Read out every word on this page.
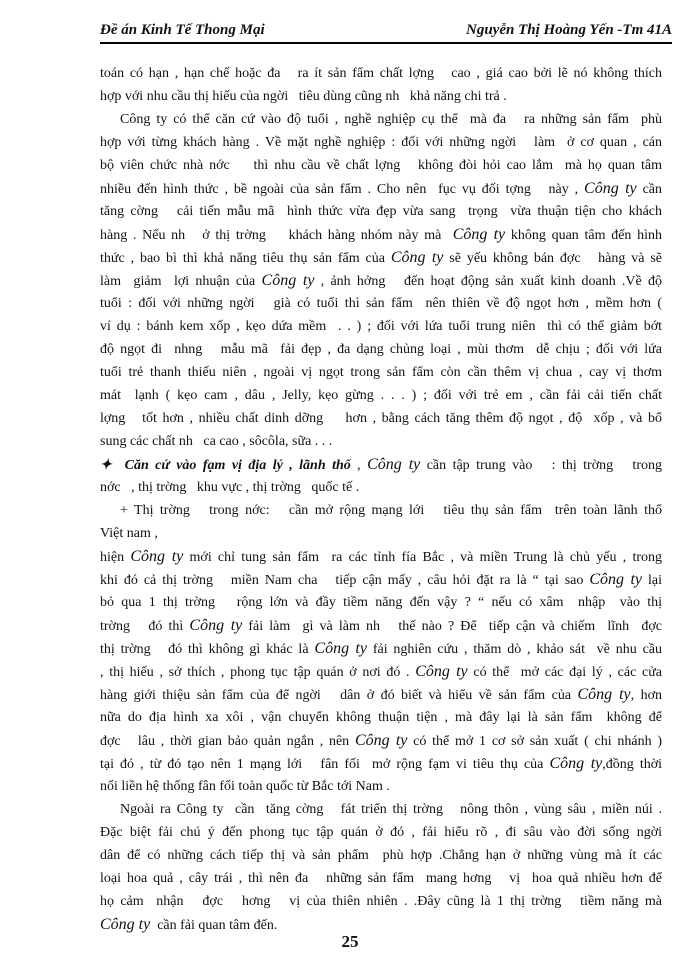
Đề án Kinh Tế Thong Mại	Nguyễn Thị Hoàng Yến -Tm 41A
toán có hạn , hạn chế hoặc đa   ra ít sản fẩm chất lợng   cao , giá cao bởi lẽ nó không thích
hợp với nhu cầu thị hiếu của ngời   tiêu dùng cũng nh   khả năng chi trả .
Công ty có thể căn cứ vào độ tuổi , nghề nghiệp cụ thể  mà đa   ra những sản fẩm  phù
hợp với từng khách hàng . Về mặt nghề nghiệp : đối với những ngời   làm  ở cơ quan , cán
bộ viên chức nhà nớc    thì nhu cầu về chất lợng   không đòi hỏi cao lắm  mà họ quan tâm
nhiều đến hình thức , bề ngoài của sản fẩm . Cho nên  fục vụ đối tợng   này , Công ty cần
tăng cờng   cải tiến mẫu mã  hình thức vừa đẹp vừa sang  trọng  vừa thuận tiện cho khách
hàng . Nếu nh   ở thị trờng    khách hàng nhóm này mà  Công ty không quan tâm đến hình
thức , bao bì thì khả năng tiêu thụ sản fẩm của Công ty sẽ yếu không bán đợc   hàng và sẽ
làm  giảm  lợi nhuận của Công ty , ảnh hởng   đến hoạt động sản xuất kinh doanh .Về độ
tuổi : đối với những ngời   già có tuổi thì sản fẩm  nên thiên về độ ngọt hơn , mềm hơn (
ví dụ : bánh kem xốp , kẹo dứa mềm  . . ) ; đối với lứa tuổi trung niên  thì có thể giảm bớt
độ ngọt đi  nhng   mẫu mã  fải đẹp , đa dạng chủng loại , mùi thơm  dễ chịu ; đối với lứa
tuổi trẻ thanh thiếu niên , ngoài vị ngọt trong sản fẩm còn cần thêm vị chua , cay vị thơm
mát  lạnh ( kẹo cam , dâu , Jelly, kẹo gừng . . . ) ; đối với trẻ em , cần fải cải tiến chất
lợng   tốt hơn , nhiều chất dinh dỡng    hơn , bằng cách tăng thêm độ ngọt , độ  xốp , và bổ
sung các chất nh   ca cao , sôcôla, sữa . . .
✦  Căn cứ vào fạm vị địa lý , lãnh thổ , Công ty cần tập trung vào   : thị trờng   trong
nớc   , thị trờng   khu vực , thị trờng   quốc tế .
+ Thị trờng   trong nớc:   cần mở rộng mạng lới   tiêu thụ sản fẩm  trên toàn lãnh thổ
Việt nam ,
hiện Công ty mới chỉ tung sản fẩm  ra các tỉnh fía Bắc , và miền Trung là chủ yếu , trong
khi đó cả thị trờng   miền Nam cha   tiếp cận mấy , câu hỏi đặt ra là “ tại sao Công ty lại
bỏ qua 1 thị trờng   rộng lớn và đầy tiềm năng đến vậy ? “ nếu có xâm  nhập  vào thị
trờng   đó thì Công ty fải làm  gì và làm nh   thế nào ? Để  tiếp cận và chiếm  lĩnh  đợc
thị trờng   đó thì không gì khác là Công ty fải nghiên cứu , thăm dò , khảo sát  về nhu cầu
, thị hiếu , sở thích , phong tục tập quán ở nơi đó . Công ty có thể  mở các đại lý , các cửa
hàng giới thiệu sản fẩm của để ngời   dân ở đó biết và hiểu về sản fẩm của Công ty, hơn
nữa do địa hình xa xôi , vận chuyển không thuận tiện , mà đây lại là sản fẩm  không để
đợc   lâu , thời gian bảo quản ngắn , nên Công ty có thể mở 1 cơ sở sản xuất ( chi nhánh )
tại đó , từ đó tạo nên 1 mạng lới   fân fối  mở rộng fạm vi tiêu thụ của Công ty,đồng thời
nối liền hệ thống fân fối toàn quốc từ Bắc tới Nam .
Ngoài ra Công ty  cần  tăng cờng   fát triển thị trờng   nông thôn , vùng sâu , miền núi .
Đặc biệt fải chú ý đến phong tục tập quán ở đó , fải hiểu rõ , đi sâu vào đời sống ngời
dân để có những cách tiếp thị và sản phẩm  phù hợp .Chẳng hạn ở những vùng mà ít các
loại hoa quả , cây trái , thì nên đa   những sản fẩm  mang hơng   vị  hoa quả nhiều hơn để
họ cảm  nhận   đợc   hơng   vị của thiên nhiên . .Đây cũng là 1 thị trờng   tiềm năng mà
Công ty  cần fải quan tâm đến.
25
